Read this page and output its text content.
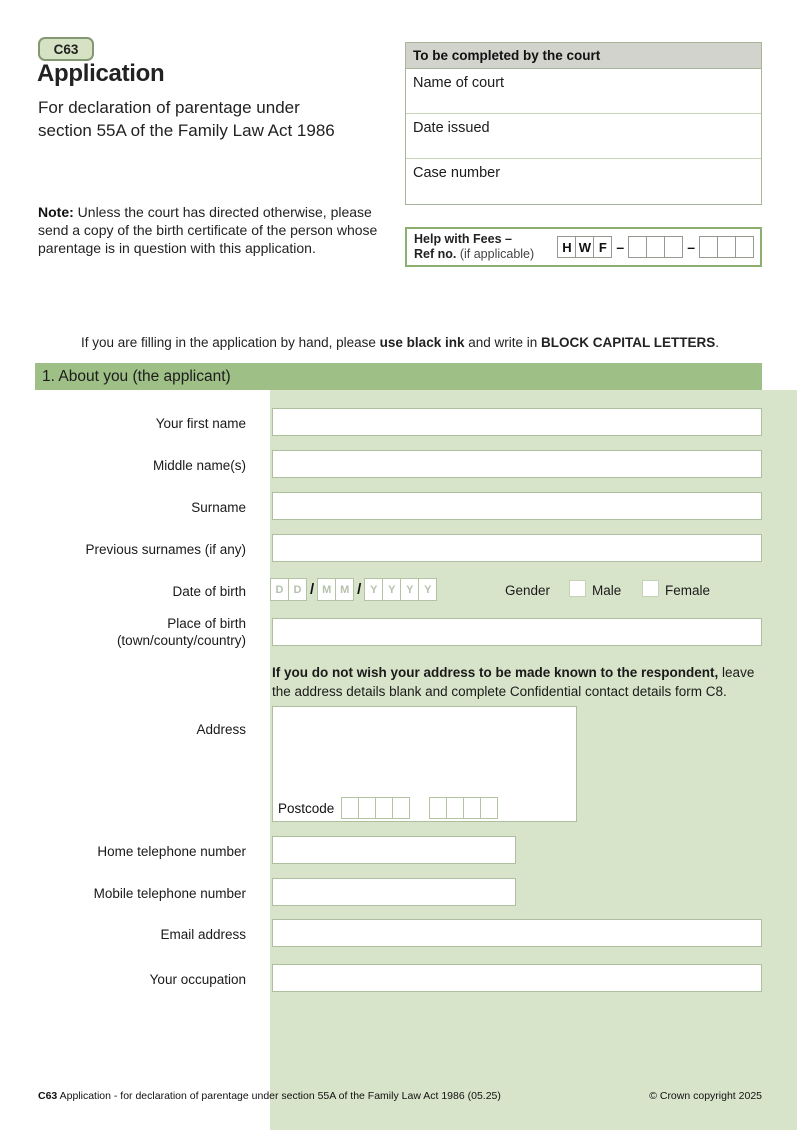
C63
Application
For declaration of parentage under
section 55A of the Family Law Act 1986
Note: Unless the court has directed otherwise, please send a copy of the birth certificate of the person whose parentage is in question with this application.
To be completed by the court
Name of court
Date issued
Case number
Help with Fees –
Ref no. (if applicable)	H W F –	–
If you are filling in the application by hand, please use black ink and write in BLOCK CAPITAL LETTERS.
1. About you (the applicant)
Your first name
Middle name(s)
Surname
Previous surnames (if any)
Date of birth	D D / M M / Y Y Y Y	Gender	Male	Female
Place of birth
(town/county/country)
If you do not wish your address to be made known to the respondent, leave the address details blank and complete Confidential contact details form C8.
Address
Postcode
Home telephone number
Mobile telephone number
Email address
Your occupation
C63 Application - for declaration of parentage under section 55A of the Family Law Act 1986 (05.25)	© Crown copyright 2025
